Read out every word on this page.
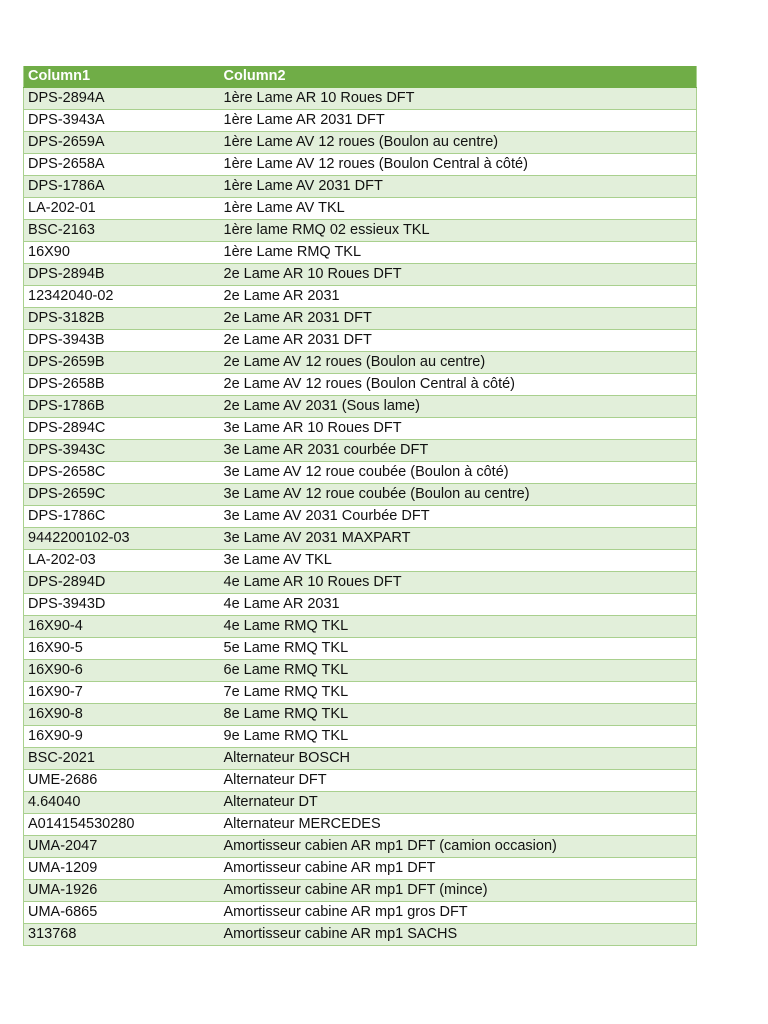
Column1	Column2
DPS-2894A	1ère Lame AR 10 Roues DFT
DPS-3943A	1ère Lame AR 2031 DFT
DPS-2659A	1ère Lame AV 12 roues (Boulon au centre)
DPS-2658A	1ère Lame AV 12 roues (Boulon Central à côté)
DPS-1786A	1ère Lame AV 2031 DFT
LA-202-01	1ère Lame AV TKL
BSC-2163	1ère lame RMQ 02 essieux TKL
16X90	1ère Lame RMQ TKL
DPS-2894B	2e Lame AR 10 Roues DFT
12342040-02	2e Lame AR 2031
DPS-3182B	2e Lame AR 2031 DFT
DPS-3943B	2e Lame AR 2031 DFT
DPS-2659B	2e Lame AV 12 roues (Boulon au centre)
DPS-2658B	2e Lame AV 12 roues (Boulon Central à côté)
DPS-1786B	2e Lame AV 2031 (Sous lame)
DPS-2894C	3e Lame AR 10 Roues DFT
DPS-3943C	3e Lame AR 2031 courbée DFT
DPS-2658C	3e Lame AV 12 roue coubée (Boulon à côté)
DPS-2659C	3e Lame AV 12 roue coubée (Boulon au centre)
DPS-1786C	3e Lame AV 2031 Courbée DFT
9442200102-03	3e Lame AV 2031 MAXPART
LA-202-03	3e Lame AV TKL
DPS-2894D	4e Lame AR 10 Roues DFT
DPS-3943D	4e Lame AR 2031
16X90-4	4e Lame RMQ TKL
16X90-5	5e Lame RMQ TKL
16X90-6	6e Lame RMQ TKL
16X90-7	7e Lame RMQ TKL
16X90-8	8e Lame RMQ TKL
16X90-9	9e Lame RMQ TKL
BSC-2021	Alternateur BOSCH
UME-2686	Alternateur DFT
4.64040	Alternateur DT
A014154530280	Alternateur MERCEDES
UMA-2047	Amortisseur cabien AR mp1 DFT (camion occasion)
UMA-1209	Amortisseur cabine AR mp1 DFT
UMA-1926	Amortisseur cabine AR mp1 DFT (mince)
UMA-6865	Amortisseur cabine AR mp1 gros DFT
313768	Amortisseur cabine AR mp1 SACHS
